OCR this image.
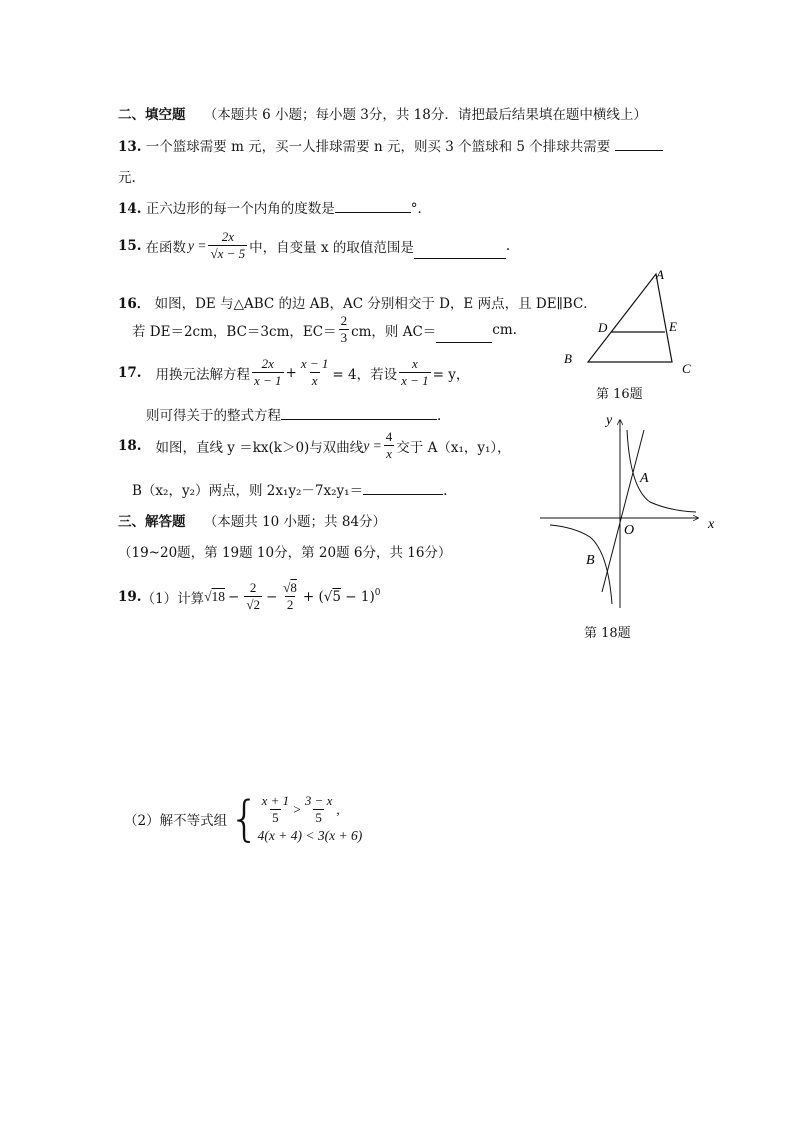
二、填空题 （本题共 6 小题；每小题 3分，共 18分．请把最后结果填在题中横线上）
13. 一个篮球需要 m 元，买一人排球需要 n 元，则买 3 个篮球和 5 个排球共需要
元.
14. 正六边形的每一个内角的度数是	°．
15. 在函数 $y = \frac{2x}{√x - 5}$ 中，自变量 x 的取值范围是	.
16． 如图，DE 与△ABC 的边 AB，AC 分别相交于 D，E 两点，且 DE∥BC．
若 DE＝2cm，BC＝3cm，$EC= \frac{2}{3}$ cm，则 AC＝	cm.
17. 用换元法解方程 $\frac{2x}{x - 1} + \frac{x - 1}{x} = 4$，若设 $\frac{x}{x - 1} = y$，
则可得关于的整式方程	.
18. 如图，直线 y ＝kx(k＞0)与双曲线 $y = \frac{4}{x}$ 交于 A（x₁，y₁），
B（x₂，y₂）两点，则 2x₁y₂－7x₂y₁＝	.
三、解答题 （本题共 10 小题；共 84分）
（19~20题，第 19题 10分，第 20题 6分，共 16分）
19. （1）计算 $√18 - \frac{2}{√2} - \frac{√8}{2} + (√5 - 1)^0$
（2）解不等式组 { $\frac{x + 1}{5} > \frac{3 - x}{5}$ ,
4(x + 4) < 3(x + 6)
A
B
C
D	E
第 16题
y
x
O
A
B
第 18题
